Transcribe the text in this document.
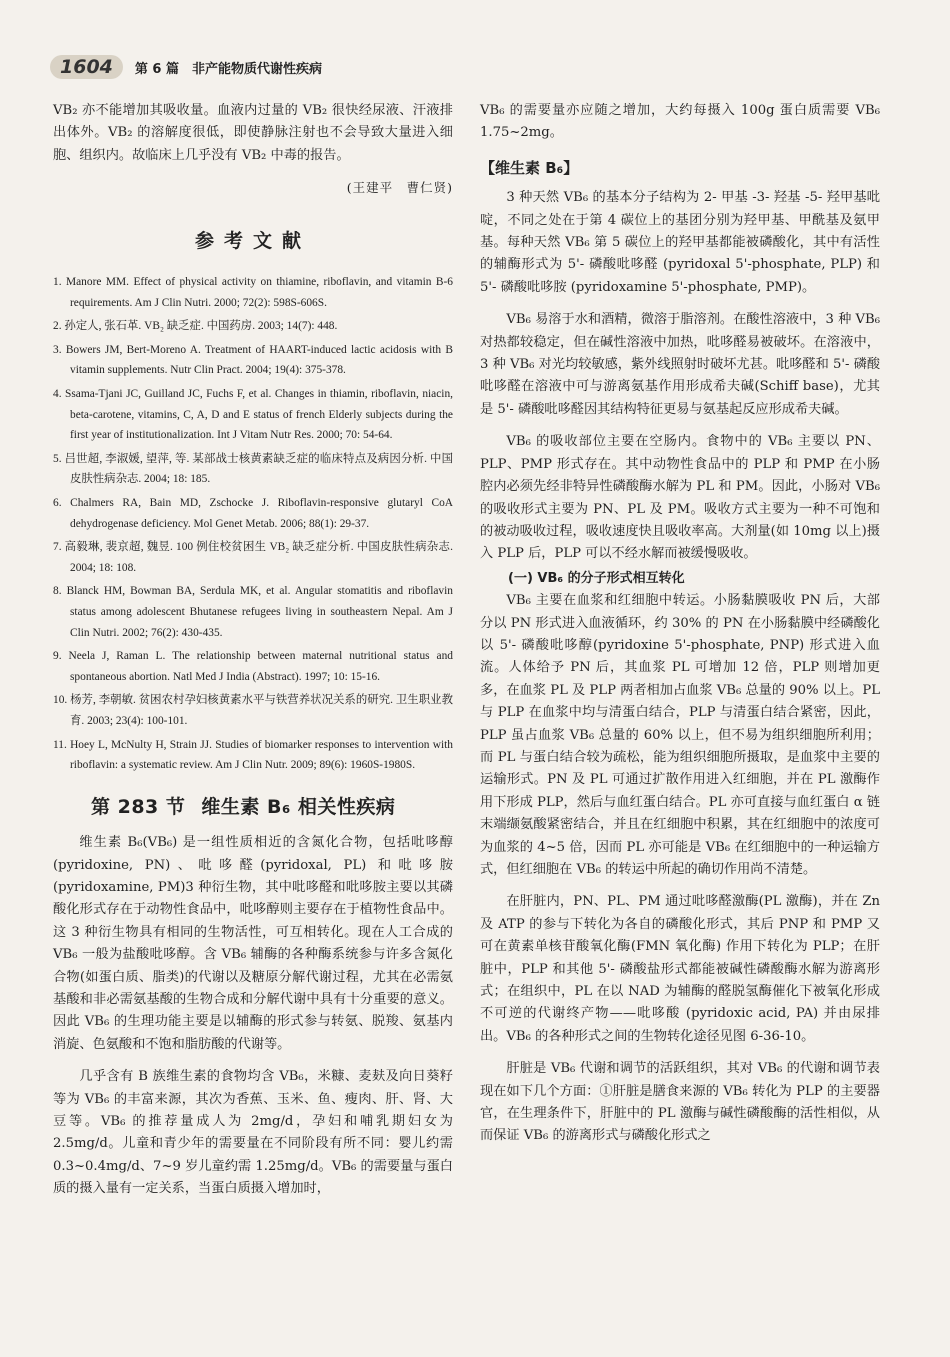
1604	第 6 篇　非产能物质代谢性疾病

VB₂ 亦不能增加其吸收量。血液内过量的 VB₂ 很快经尿液、汗液排出体外。VB₂ 的溶解度很低，即使静脉注射也不会导致大量进入细胞、组织内。故临床上几乎没有 VB₂ 中毒的报告。

(王建平　曹仁贤)

参考文献
1. Manore MM. Effect of physical activity on thiamine, riboflavin, and vitamin B-6 requirements. Am J Clin Nutri. 2000; 72(2): 598S-606S.
2. 孙定人, 张石革. VB₂ 缺乏症. 中国药房. 2003; 14(7): 448.
3. Bowers JM, Bert-Moreno A. Treatment of HAART-induced lactic acidosis with B vitamin supplements. Nutr Clin Pract. 2004; 19(4): 375-378.
4. Ssama-Tjani JC, Guilland JC, Fuchs F, et al. Changes in thiamin, riboflavin, niacin, beta-carotene, vitamins, C, A, D and E status of french Elderly subjects during the first year of institutionalization. Int J Vitam Nutr Res. 2000; 70: 54-64.
5. 吕世超, 李淑媛, 望萍, 等. 某部战士核黄素缺乏症的临床特点及病因分析. 中国皮肤性病杂志. 2004; 18: 185.
6. Chalmers RA, Bain MD, Zschocke J. Riboflavin-responsive glutaryl CoA dehydrogenase deficiency. Mol Genet Metab. 2006; 88(1): 29-37.
7. 高毅琳, 裴京超, 魏昱. 100 例住校贫困生 VB₂ 缺乏症分析. 中国皮肤性病杂志. 2004; 18: 108.
8. Blanck HM, Bowman BA, Serdula MK, et al. Angular stomatitis and riboflavin status among adolescent Bhutanese refugees living in southeastern Nepal. Am J Clin Nutri. 2002; 76(2): 430-435.
9. Neela J, Raman L. The relationship between maternal nutritional status and spontaneous abortion. Natl Med J India (Abstract). 1997; 10: 15-16.
10. 杨芳, 李朝敏. 贫困农村孕妇核黄素水平与铁营养状况关系的研究. 卫生职业教育. 2003; 23(4): 100-101.
11. Hoey L, McNulty H, Strain JJ. Studies of biomarker responses to intervention with riboflavin: a systematic review. Am J Clin Nutr. 2009; 89(6): 1960S-1980S.
第 283 节 维生素 B₆ 相关性疾病

维生素 B₆(VB₆) 是一组性质相近的含氮化合物，包括吡哆醇(pyridoxine, PN)、吡哆醛(pyridoxal, PL) 和吡哆胺(pyridoxamine, PM)3 种衍生物，其中吡哆醛和吡哆胺主要以其磷酸化形式存在于动物性食品中，吡哆醇则主要存在于植物性食品中。这 3 种衍生物具有相同的生物活性，可互相转化。现在人工合成的 VB₆ 一般为盐酸吡哆醇。含 VB₆ 辅酶的各种酶系统参与许多含氮化合物(如蛋白质、脂类)的代谢以及糖原分解代谢过程，尤其在必需氨基酸和非必需氨基酸的生物合成和分解代谢中具有十分重要的意义。因此 VB₆ 的生理功能主要是以辅酶的形式参与转氨、脱羧、氨基内消旋、色氨酸和不饱和脂肪酸的代谢等。

几乎含有 B 族维生素的食物均含 VB₆，米糠、麦麸及向日葵籽等为 VB₆ 的丰富来源，其次为香蕉、玉米、鱼、瘦肉、肝、肾、大豆等。VB₆ 的推荐量成人为 2mg/d，孕妇和哺乳期妇女为 2.5mg/d。儿童和青少年的需要量在不同阶段有所不同：婴儿约需 0.3~0.4mg/d、7~9 岁儿童约需 1.25mg/d。VB₆ 的需要量与蛋白质的摄入量有一定关系，当蛋白质摄入增加时，

VB₆ 的需要量亦应随之增加，大约每摄入 100g 蛋白质需要 VB₆ 1.75~2mg。

【维生素 B₆】

3 种天然 VB₆ 的基本分子结构为 2- 甲基 -3- 羟基 -5- 羟甲基吡啶，不同之处在于第 4 碳位上的基团分别为羟甲基、甲酰基及氨甲基。每种天然 VB₆ 第 5 碳位上的羟甲基都能被磷酸化，其中有活性的辅酶形式为 5'- 磷酸吡哆醛 (pyridoxal 5'-phosphate, PLP) 和 5'- 磷酸吡哆胺 (pyridoxamine 5'-phosphate, PMP)。

VB₆ 易溶于水和酒精，微溶于脂溶剂。在酸性溶液中，3 种 VB₆ 对热都较稳定，但在碱性溶液中加热，吡哆醛易被破坏。在溶液中，3 种 VB₆ 对光均较敏感，紫外线照射时破坏尤甚。吡哆醛和 5'- 磷酸吡哆醛在溶液中可与游离氨基作用形成希夫碱(Schiff base)，尤其是 5'- 磷酸吡哆醛因其结构特征更易与氨基起反应形成希夫碱。

VB₆ 的吸收部位主要在空肠内。食物中的 VB₆ 主要以 PN、PLP、PMP 形式存在。其中动物性食品中的 PLP 和 PMP 在小肠腔内必须先经非特异性磷酸酶水解为 PL 和 PM。因此，小肠对 VB₆ 的吸收形式主要为 PN、PL 及 PM。吸收方式主要为一种不可饱和的被动吸收过程，吸收速度快且吸收率高。大剂量(如 10mg 以上)摄入 PLP 后，PLP 可以不经水解而被缓慢吸收。

(一) VB₆ 的分子形式相互转化

VB₆ 主要在血浆和红细胞中转运。小肠黏膜吸收 PN 后，大部分以 PN 形式进入血液循环，约 30% 的 PN 在小肠黏膜中经磷酸化以 5'- 磷酸吡哆醇(pyridoxine 5'-phosphate, PNP) 形式进入血流。人体给予 PN 后，其血浆 PL 可增加 12 倍，PLP 则增加更多，在血浆 PL 及 PLP 两者相加占血浆 VB₆ 总量的 90% 以上。PL 与 PLP 在血浆中均与清蛋白结合，PLP 与清蛋白结合紧密，因此，PLP 虽占血浆 VB₆ 总量的 60% 以上，但不易为组织细胞所利用；而 PL 与蛋白结合较为疏松，能为组织细胞所摄取，是血浆中主要的运输形式。PN 及 PL 可通过扩散作用进入红细胞，并在 PL 激酶作用下形成 PLP，然后与血红蛋白结合。PL 亦可直接与血红蛋白 α 链末端缬氨酸紧密结合，并且在红细胞中积累，其在红细胞中的浓度可为血浆的 4~5 倍，因而 PL 亦可能是 VB₆ 在红细胞中的一种运输方式，但红细胞在 VB₆ 的转运中所起的确切作用尚不清楚。

在肝脏内，PN、PL、PM 通过吡哆醛激酶(PL 激酶)，并在 Zn 及 ATP 的参与下转化为各自的磷酸化形式，其后 PNP 和 PMP 又可在黄素单核苷酸氧化酶(FMN 氧化酶) 作用下转化为 PLP；在肝脏中，PLP 和其他 5'- 磷酸盐形式都能被碱性磷酸酶水解为游离形式；在组织中，PL 在以 NAD 为辅酶的醛脱氢酶催化下被氧化形成不可逆的代谢终产物——吡哆酸 (pyridoxic acid, PA) 并由尿排出。VB₆ 的各种形式之间的生物转化途径见图 6-36-10。

肝脏是 VB₆ 代谢和调节的活跃组织，其对 VB₆ 的代谢和调节表现在如下几个方面：①肝脏是膳食来源的 VB₆ 转化为 PLP 的主要器官，在生理条件下，肝脏中的 PL 激酶与碱性磷酸酶的活性相似，从而保证 VB₆ 的游离形式与磷酸化形式之
